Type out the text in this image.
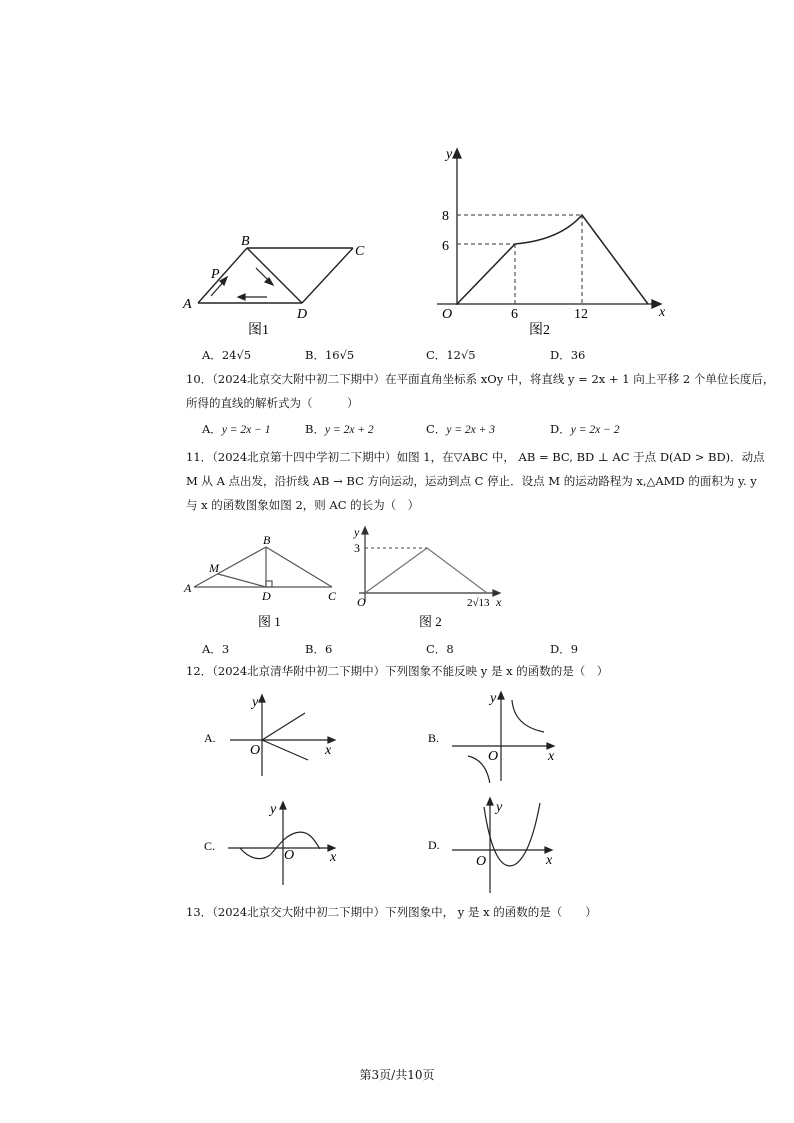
B
C
A
D
P
图1
y
x
O
8
6
6	12
图2
A．24√5	B．16√5	C．12√5	D．36
10．（2024北京交大附中初二下期中）在平面直角坐标系 xOy 中，将直线 y = 2x + 1 向上平移 2 个单位长度后，
所得的直线的解析式为（　　　）
A．y = 2x − 1	B．y = 2x + 2	C．y = 2x + 3	D．y = 2x − 2
11．（2024北京第十四中学初二下期中）如图 1，在▽ABC 中， AB = BC, BD ⊥ AC 于点 D(AD > BD)．动点
M 从 A 点出发，沿折线 AB → BC 方向运动，运动到点 C 停止．设点 M 的运动路程为 x,△AMD 的面积为 y. y
与 x 的函数图象如图 2，则 AC 的长为（　）
B
M
A
D	C
图 1
y
3
O	2√13 x
图 2
A．3	B．6	C．8	D．9
12．（2024北京清华附中初二下期中）下列图象不能反映 y 是 x 的函数的是（　）
A.
y
O	x
B.
y
O	x
C.
y
O	x
D.
y
O	x
13．（2024北京交大附中初二下期中）下列图象中， y 是 x 的函数的是（　　）
第3页/共10页
